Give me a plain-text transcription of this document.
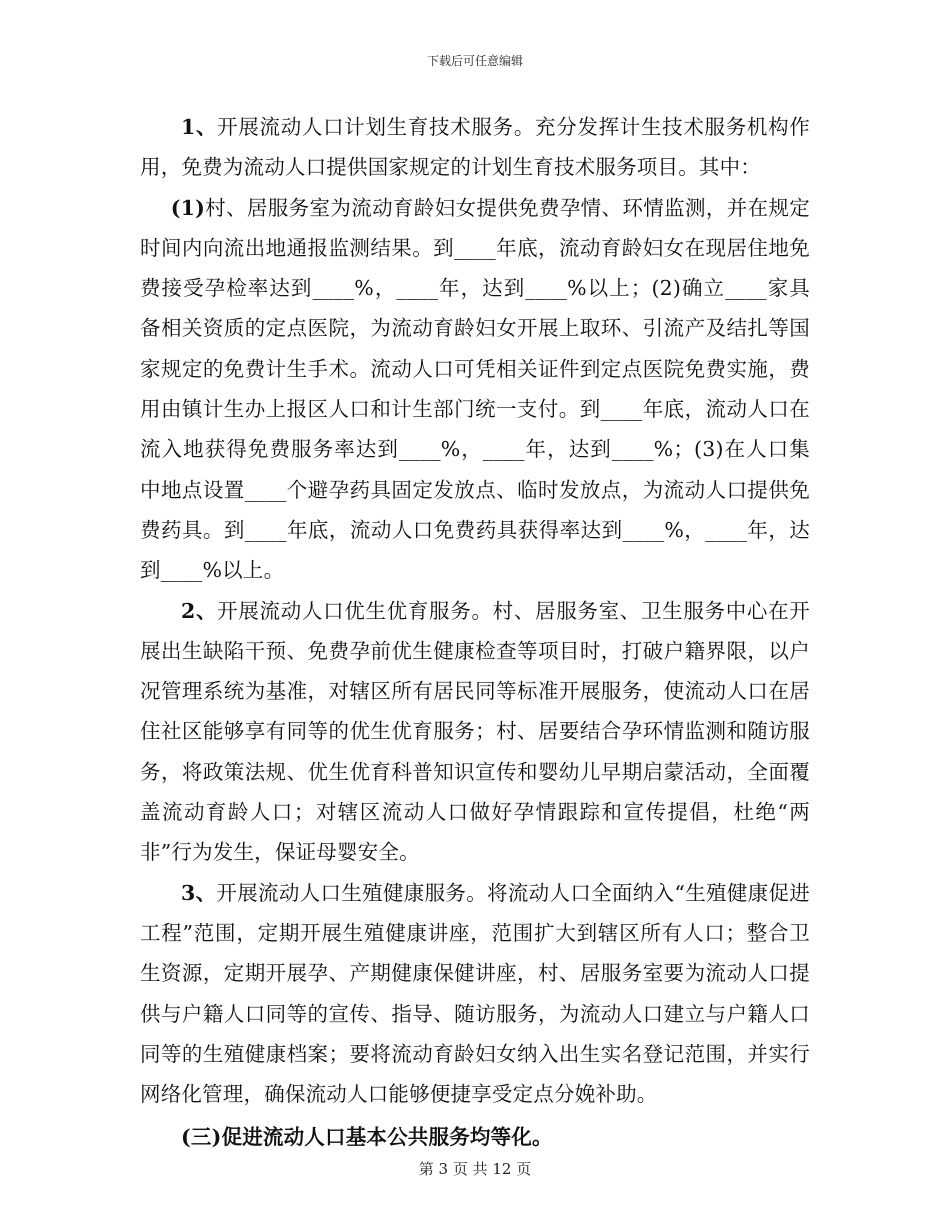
下载后可任意编辑

1、开展流动人口计划生育技术服务。充分发挥计生技术服务机构作用，免费为流动人口提供国家规定的计划生育技术服务项目。其中：

(1)村、居服务室为流动育龄妇女提供免费孕情、环情监测，并在规定时间内向流出地通报监测结果。到____年底，流动育龄妇女在现居住地免费接受孕检率达到____%，____年，达到____%以上；(2)确立____家具备相关资质的定点医院，为流动育龄妇女开展上取环、引流产及结扎等国家规定的免费计生手术。流动人口可凭相关证件到定点医院免费实施，费用由镇计生办上报区人口和计生部门统一支付。到____年底，流动人口在流入地获得免费服务率达到____%，____年，达到____%；(3)在人口集中地点设置____个避孕药具固定发放点、临时发放点，为流动人口提供免费药具。到____年底，流动人口免费药具获得率达到____%，____年，达到____%以上。

2、开展流动人口优生优育服务。村、居服务室、卫生服务中心在开展出生缺陷干预、免费孕前优生健康检查等项目时，打破户籍界限，以户况管理系统为基准，对辖区所有居民同等标准开展服务，使流动人口在居住社区能够享有同等的优生优育服务；村、居要结合孕环情监测和随访服务，将政策法规、优生优育科普知识宣传和婴幼儿早期启蒙活动，全面覆盖流动育龄人口；对辖区流动人口做好孕情跟踪和宣传提倡，杜绝“两非”行为发生，保证母婴安全。

3、开展流动人口生殖健康服务。将流动人口全面纳入“生殖健康促进工程”范围，定期开展生殖健康讲座，范围扩大到辖区所有人口；整合卫生资源，定期开展孕、产期健康保健讲座，村、居服务室要为流动人口提供与户籍人口同等的宣传、指导、随访服务，为流动人口建立与户籍人口同等的生殖健康档案；要将流动育龄妇女纳入出生实名登记范围，并实行网络化管理，确保流动人口能够便捷享受定点分娩补助。

(三)促进流动人口基本公共服务均等化。

第 3 页 共 12 页
